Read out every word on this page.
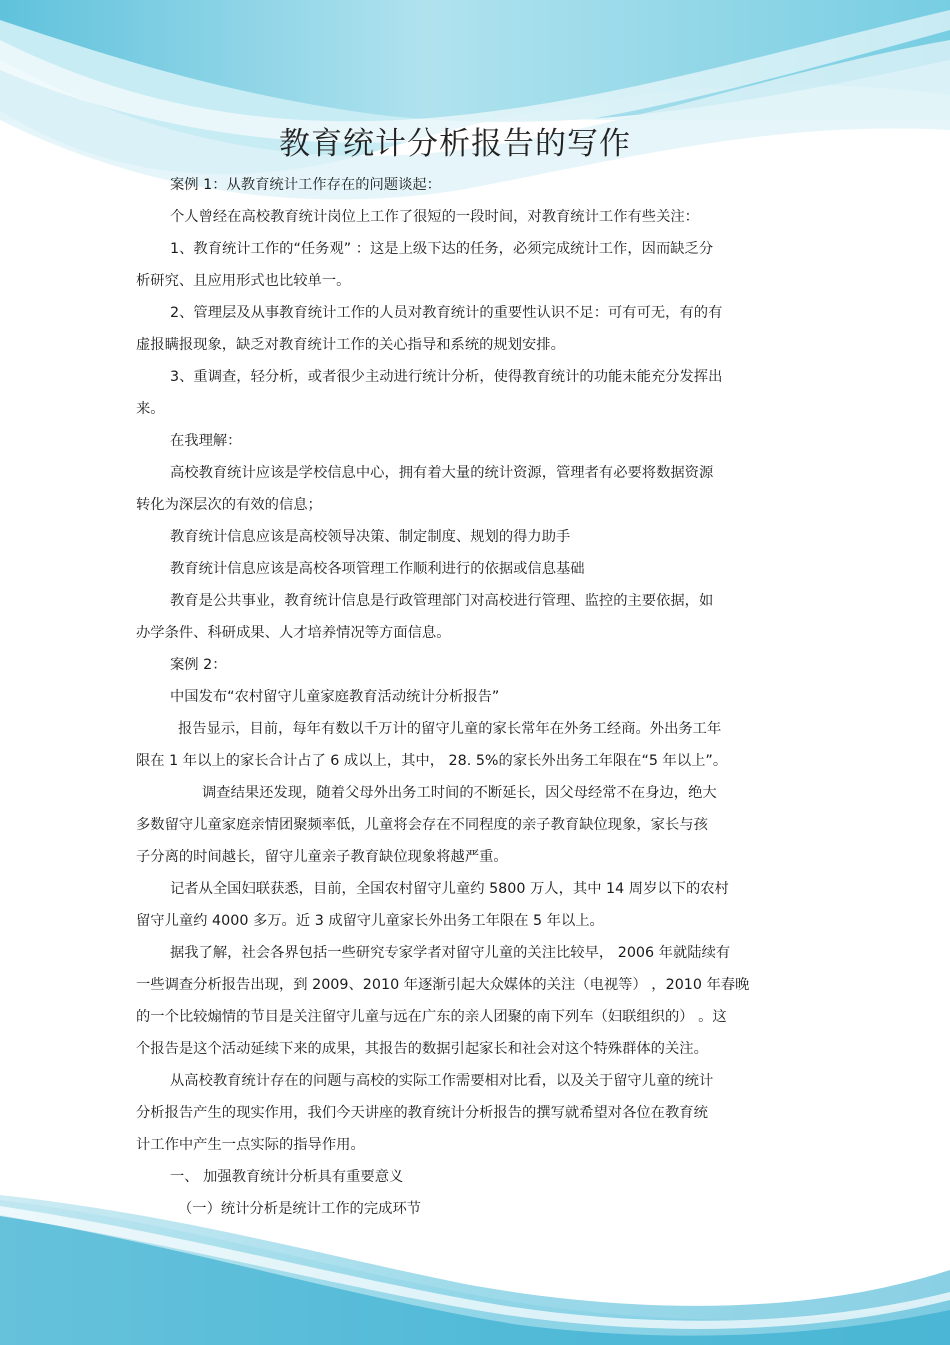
教育统计分析报告的写作
案例 1：从教育统计工作存在的问题谈起：
个人曾经在高校教育统计岗位上工作了很短的一段时间，对教育统计工作有些关注：
1、教育统计工作的“任务观” ：这是上级下达的任务，必须完成统计工作，因而缺乏分
析研究、且应用形式也比较单一。
2、管理层及从事教育统计工作的人员对教育统计的重要性认识不足：可有可无，有的有
虚报瞒报现象，缺乏对教育统计工作的关心指导和系统的规划安排。
3、重调查，轻分析，或者很少主动进行统计分析，使得教育统计的功能未能充分发挥出
来。
在我理解：
高校教育统计应该是学校信息中心，拥有着大量的统计资源，管理者有必要将数据资源
转化为深层次的有效的信息；
教育统计信息应该是高校领导决策、制定制度、规划的得力助手
教育统计信息应该是高校各项管理工作顺利进行的依据或信息基础
教育是公共事业，教育统计信息是行政管理部门对高校进行管理、监控的主要依据，如
办学条件、科研成果、人才培养情况等方面信息。
案例 2：
中国发布“农村留守儿童家庭教育活动统计分析报告”
报告显示，目前，每年有数以千万计的留守儿童的家长常年在外务工经商。外出务工年
限在 1 年以上的家长合计占了 6 成以上，其中， 28. 5%的家长外出务工年限在“5 年以上”。
调查结果还发现，随着父母外出务工时间的不断延长，因父母经常不在身边，绝大
多数留守儿童家庭亲情团聚频率低，儿童将会存在不同程度的亲子教育缺位现象，家长与孩
子分离的时间越长，留守儿童亲子教育缺位现象将越严重。
记者从全国妇联获悉，目前，全国农村留守儿童约 5800 万人，其中 14 周岁以下的农村
留守儿童约 4000 多万。近 3 成留守儿童家长外出务工年限在 5 年以上。
据我了解，社会各界包括一些研究专家学者对留守儿童的关注比较早， 2006 年就陆续有
一些调查分析报告出现，到 2009、2010 年逐渐引起大众媒体的关注（电视等） ，2010 年春晚
的一个比较煽情的节目是关注留守儿童与远在广东的亲人团聚的南下列车（妇联组织的） 。这
个报告是这个活动延续下来的成果，其报告的数据引起家长和社会对这个特殊群体的关注。
从高校教育统计存在的问题与高校的实际工作需要相对比看，以及关于留守儿童的统计
分析报告产生的现实作用，我们今天讲座的教育统计分析报告的撰写就希望对各位在教育统
计工作中产生一点实际的指导作用。
一、 加强教育统计分析具有重要意义
（一）统计分析是统计工作的完成环节
